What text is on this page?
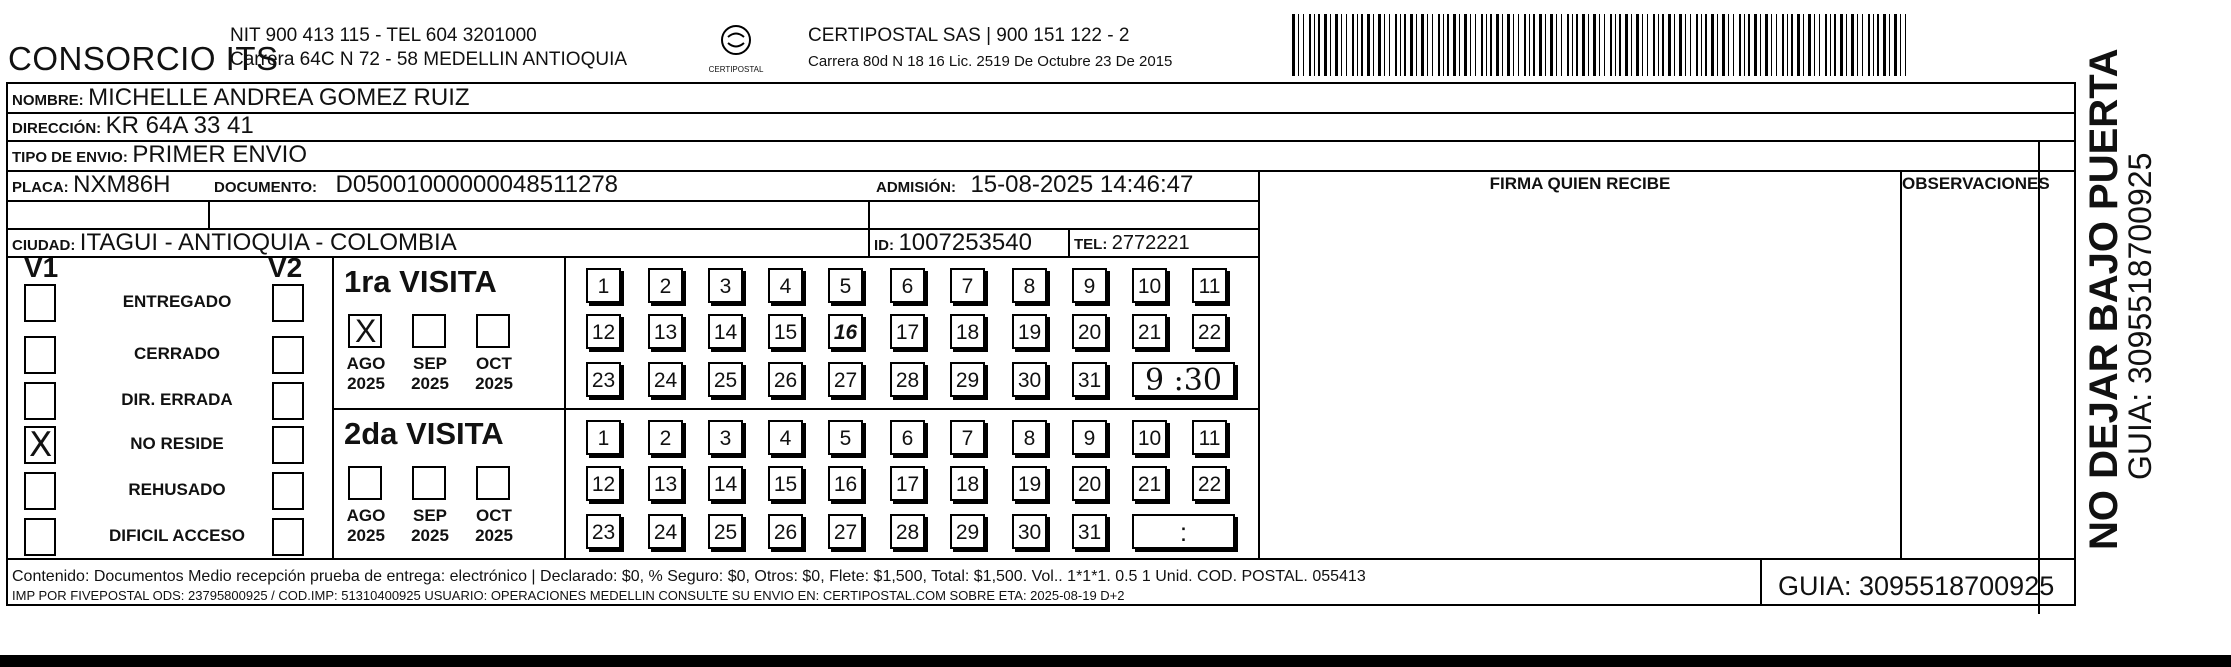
CONSORCIO ITS
NIT 900 413 115 - TEL 604 3201000
Carrera 64C N 72 - 58 MEDELLIN ANTIOQUIA	CERTIPOSTAL
CERTIPOSTAL SAS | 900 151 122 - 2
Carrera 80d N 18 16 Lic. 2519 De Octubre 23 De 2015
NOMBRE: MICHELLE ANDREA GOMEZ RUIZ
DIRECCIÓN: KR 64A 33 41
TIPO DE ENVIO: PRIMER ENVIO
PLACA: NXM86H	DOCUMENTO: D05001000000048511278	ADMISIÓN: 15-08-2025 14:46:47
CIUDAD: ITAGUI - ANTIOQUIA - COLOMBIA	ID: 1007253540	TEL: 2772221
FIRMA QUIEN RECIBE	OBSERVACIONES
V1	V2
ENTREGADO
CERRADO
DIR. ERRADA
X
NO RESIDE
REHUSADO
DIFICIL ACCESO
1ra VISITA
X
AGO
2025
SEP
2025
OCT
2025
1	2	3	4	5	6	7	8	9	10	11
12 13 14 15 16 17 18 19 20 21 22
23 24 25 26 27 28 29 30 31	9 :30
2da VISITA
AGO
2025
SEP
2025
OCT
2025
1	2	3	4	5	6	7	8	9	10	11
12 13 14 15 16 17 18 19 20 21 22
23 24 25 26 27 28 29 30 31	:
GUIA: 3095518700925
Contenido: Documentos Medio recepción prueba de entrega: electrónico | Declarado: $0, % Seguro: $0, Otros: $0, Flete: $1,500, Total: $1,500. Vol.. 1*1*1. 0.5 1 Unid. COD. POSTAL. 055413
IMP POR FIVEPOSTAL ODS: 23795800925 / COD.IMP: 51310400925 USUARIO: OPERACIONES MEDELLIN CONSULTE SU ENVIO EN: CERTIPOSTAL.COM SOBRE ETA: 2025-08-19 D+2
NO DEJAR BAJO PUERTA
GUIA: 3095518700925
